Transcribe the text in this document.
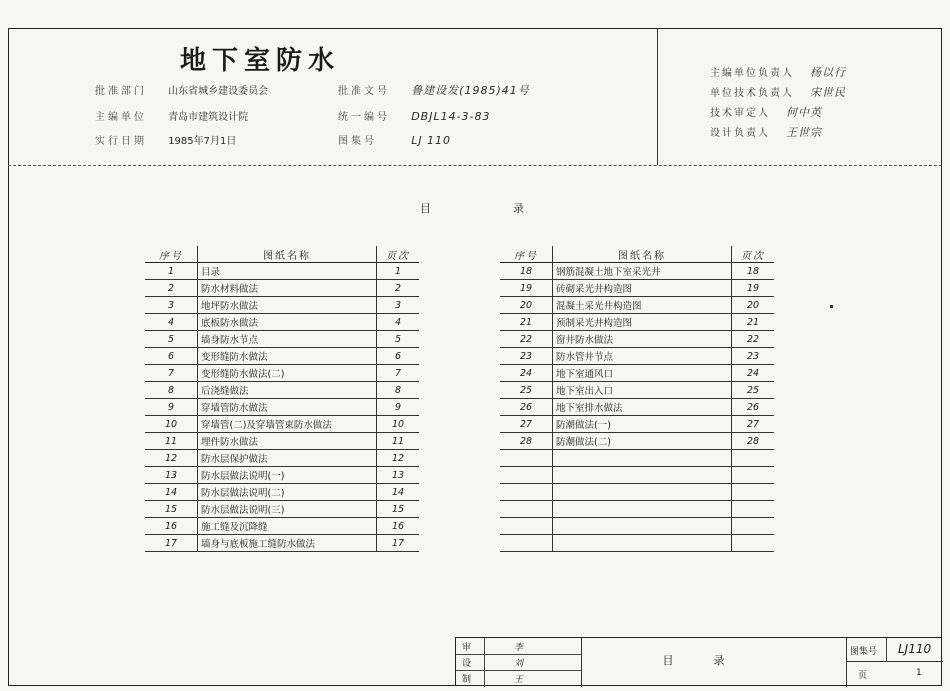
地下室防水
批准部门 山东省城乡建设委员会
主编单位 青岛市建筑设计院
实行日期 1985年7月1日
批准文号 鲁建设发(1985)41号
统一编号 DBJL14-3-83
图集号	LJ 110
主编单位负责人 杨以行
单位技术负责人 宋世民
技术审定人 何中英
设计负责人 王世宗
目	录
序号	图纸名称	页次
1	目录	1
2	防水材料做法	2
3	地坪防水做法	3
4	底板防水做法	4
5	墙身防水节点	5
6	变形缝防水做法	6
7	变形缝防水做法(二)	7
8	后浇缝做法	8
9	穿墙管防水做法	9
10	穿墙管(二)及穿墙管束防水做法	10
11	埋件防水做法	11
12	防水层保护做法	12
13	防水层做法说明(一)	13
14	防水层做法说明(二)	14
15	防水层做法说明(三)	15
16	施工缝及沉降缝	16
17	墙身与底板施工缝防水做法	17
序号	图纸名称	页次
18	钢筋混凝土地下室采光井	18
19	砖砌采光井构造图	19
20	混凝土采光井构造图	20
21	预制采光井构造图	21
22	窗井防水做法	22
23	防水管井节点	23
24	地下室通风口	24
25	地下室出入口	25
26	地下室排水做法	26
27	防潮做法(一)	27
28	防潮做法(二)	28

审	李
设	刘
制	王
目录
图集号 LJ110
页	1
